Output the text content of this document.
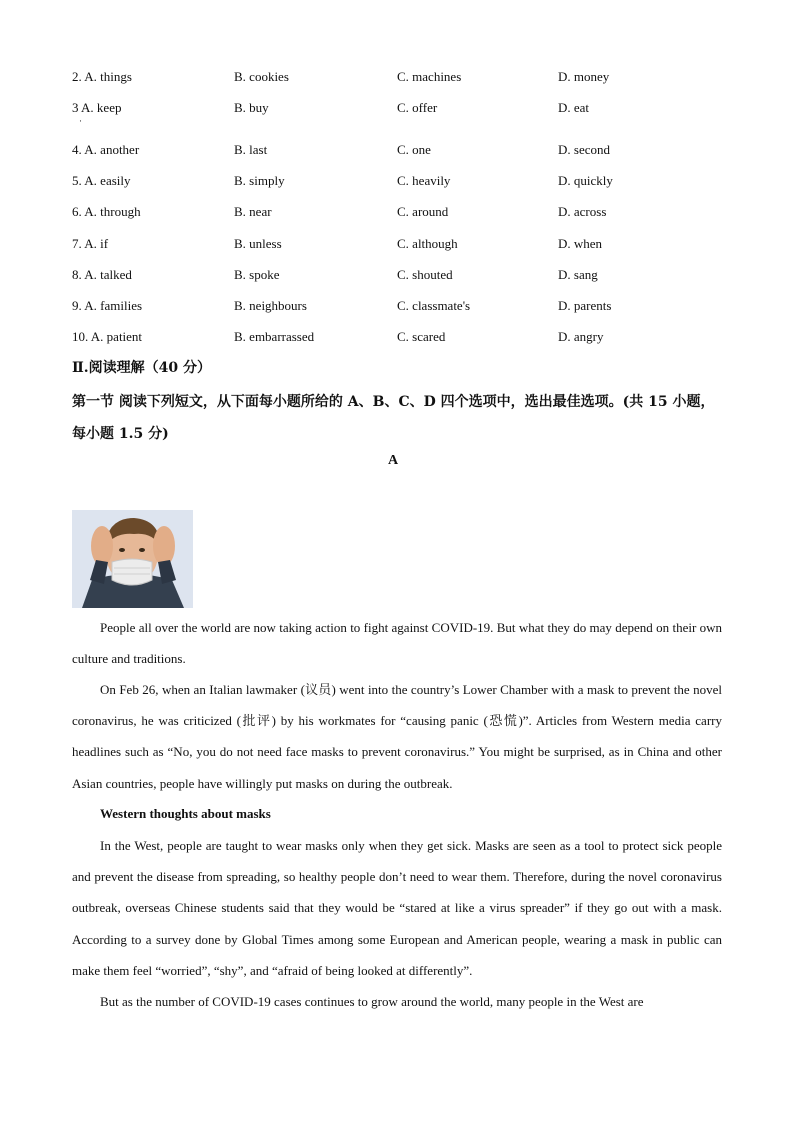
2. A. things	B. cookies	C. machines	D. money
3 A. keep	B. buy	C. offer	D. eat
·
4. A. another	B. last	C. one	D. second
5. A. easily	B. simply	C. heavily	D. quickly
6. A. through	B. near	C. around	D. across
7. A. if	B. unless	C. although	D. when
8. A. talked	B. spoke	C. shouted	D. sang
9. A. families	B. neighbours	C. classmate's	D. parents
10. A. patient	B. embarrassed	C. scared	D. angry
Ⅱ.阅读理解（40 分）
第一节 阅读下列短文，从下面每小题所给的 A、B、C、D 四个选项中，选出最佳选项。(共 15 小题，每小题 1.5 分)
A
People all over the world are now taking action to fight against COVID-19. But what they do may depend on their own culture and traditions.
On Feb 26, when an Italian lawmaker (议员) went into the country’s Lower Chamber with a mask to prevent the novel coronavirus, he was criticized (批评) by his workmates for “causing panic (恐慌)”. Articles from Western media carry headlines such as “No, you do not need face masks to prevent coronavirus.” You might be surprised, as in China and other Asian countries, people have willingly put masks on during the outbreak.
Western thoughts about masks
In the West, people are taught to wear masks only when they get sick. Masks are seen as a tool to protect sick people and prevent the disease from spreading, so healthy people don’t need to wear them. Therefore, during the novel coronavirus outbreak, overseas Chinese students said that they would be “stared at like a virus spreader” if they go out with a mask. According to a survey done by Global Times among some European and American people, wearing a mask in public can make them feel “worried”, “shy”, and “afraid of being looked at differently”.
But as the number of COVID-19 cases continues to grow around the world, many people in the West are
